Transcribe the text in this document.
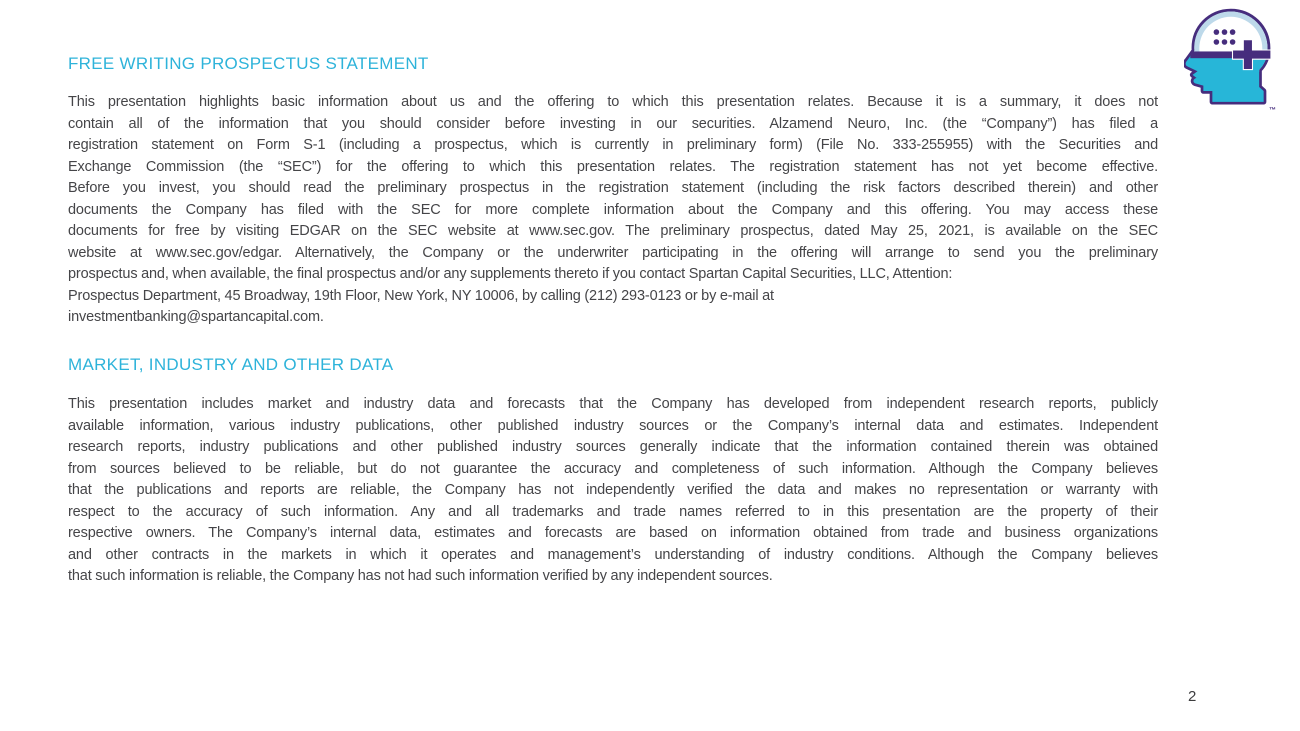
FREE WRITING PROSPECTUS STATEMENT
This presentation highlights basic information about us and the offering to which this presentation relates. Because it is a summary, it does not
contain all of the information that you should consider before investing in our securities. Alzamend Neuro, Inc. (the “Company”) has filed a
registration statement on Form S-1 (including a prospectus, which is currently in preliminary form) (File No. 333-255955) with the Securities and
Exchange Commission (the “SEC”) for the offering to which this presentation relates. The registration statement has not yet become effective.
Before you invest, you should read the preliminary prospectus in the registration statement (including the risk factors described therein) and other
documents the Company has filed with the SEC for more complete information about the Company and this offering. You may access these
documents for free by visiting EDGAR on the SEC website at www.sec.gov. The preliminary prospectus, dated May 25, 2021, is available on the SEC
website at www.sec.gov/edgar. Alternatively, the Company or the underwriter participating in the offering will arrange to send you the preliminary
prospectus and, when available, the final prospectus and/or any supplements thereto if you contact Spartan Capital Securities, LLC, Attention:
Prospectus Department, 45 Broadway, 19th Floor, New York, NY 10006, by calling (212) 293-0123 or by e-mail at
investmentbanking@spartancapital.com.
MARKET, INDUSTRY AND OTHER DATA
This presentation includes market and industry data and forecasts that the Company has developed from independent research reports, publicly
available information, various industry publications, other published industry sources or the Company’s internal data and estimates. Independent
research reports, industry publications and other published industry sources generally indicate that the information contained therein was obtained
from sources believed to be reliable, but do not guarantee the accuracy and completeness of such information. Although the Company believes
that the publications and reports are reliable, the Company has not independently verified the data and makes no representation or warranty with
respect to the accuracy of such information. Any and all trademarks and trade names referred to in this presentation are the property of their
respective owners. The Company’s internal data, estimates and forecasts are based on information obtained from trade and business organizations
and other contracts in the markets in which it operates and management’s understanding of industry conditions. Although the Company believes
that such information is reliable, the Company has not had such information verified by any independent sources.
™
2
